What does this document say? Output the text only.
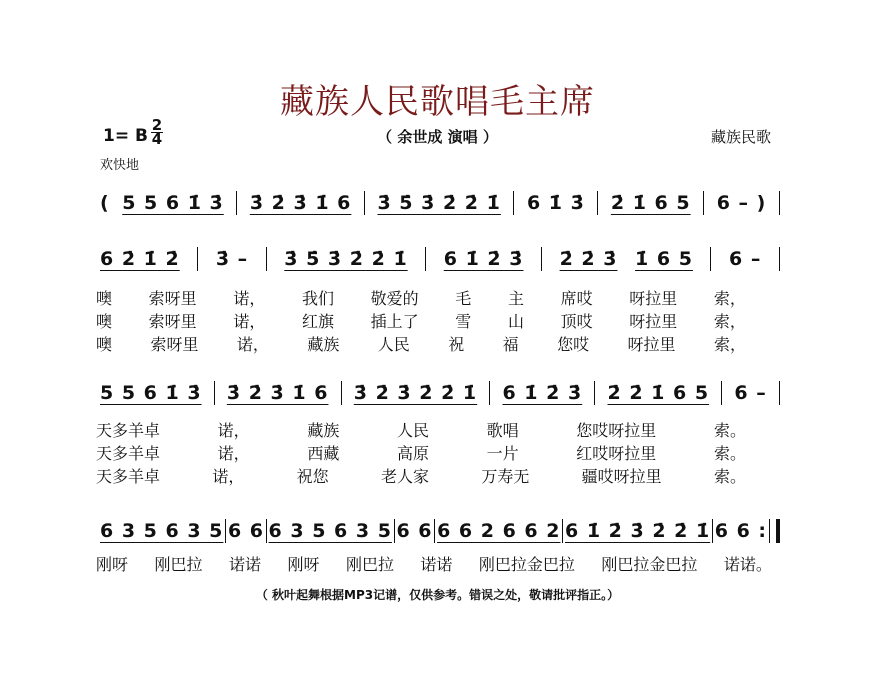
藏族人民歌唱毛主席
（ 余世成 演唱 ）	藏族民歌
1= B
2
4
欢快地
( 5 5 6 1̇ 3̇ 3̇ 2̇ 3̇ 1̇ 6 3̇ 5̇ 3̇ 2̇ 2̇ 1̇ 6 1̇ 3̇ 2̇ 1̇ 6 5 6 – )
6 2̇ 1̇ 2̇ 3̇ – 3̇ 5̇ 3̇ 2̇ 2̇ 1̇ 6 1̇ 2̇ 3̇ 2̇ 2̇ 3̇ 1̇ 6 5 6 –
噢 索呀里 诺， 我们 敬爱的 毛 主 席哎 呀拉里 索，
噢 索呀里 诺， 红旗 插上了 雪 山 顶哎 呀拉里 索，
噢 索呀里 诺， 藏族 人民 祝 福 您哎 呀拉里 索，
5 5 6 1̇ 3̇ 3̇ 2̇ 3̇ 1̇ 6 3̇ 2̇ 3̇ 2̇ 2̇ 1̇ 6 1̇ 2̇ 3̇ 2̇ 2̇ 1̇ 6 5 6 –
天多羊卓	诺，	藏族	人民	歌唱	您哎呀拉里	索。
天多羊卓	诺，	西藏	高原	一片	红哎呀拉里	索。
天多羊卓	诺，	祝您	老人家	万寿无	疆哎呀拉里	索。
6 3 5 6 3 5 6 6 6 3 5 6 3 5 6 6 6 6 2 6 6 2 6 1̇ 2̇ 3̇ 2̇ 2̇ 1̇ 6 6 :
刚呀 刚巴拉 诺诺 刚呀 刚巴拉 诺诺 刚巴拉金巴拉 刚巴拉金巴拉 诺诺。
（ 秋叶起舞根据MP3记谱，仅供参考。错误之处，敬请批评指正。）
